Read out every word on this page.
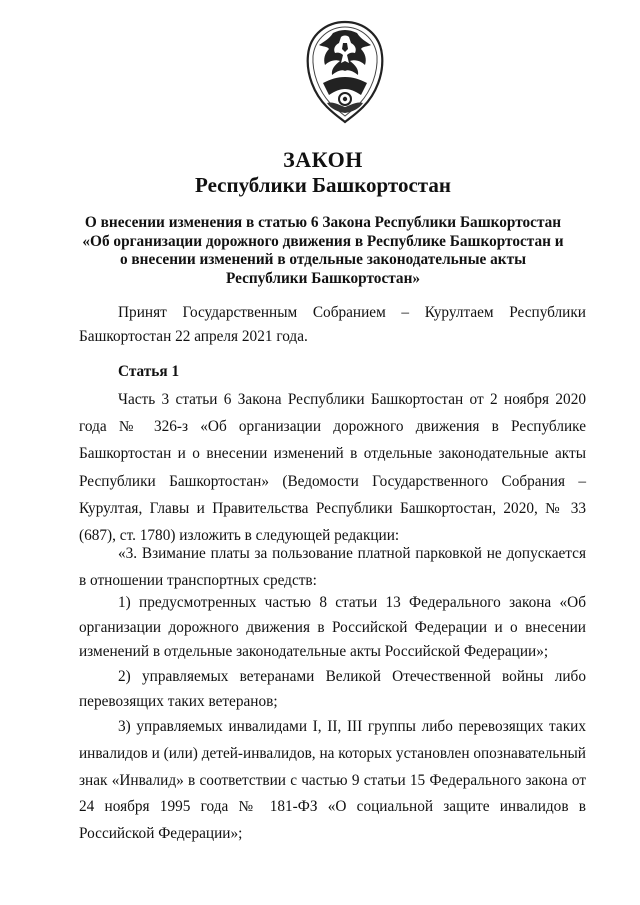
ЗАКОН
Республики Башкортостан
О внесении изменения в статью 6 Закона Республики Башкортостан
«Об организации дорожного движения в Республике Башкортостан и
о внесении изменений в отдельные законодательные акты
Республики Башкортостан»
Принят Государственным Собранием – Курултаем Республики Башкортостан 22 апреля 2021 года.
Статья 1
Часть 3 статьи 6 Закона Республики Башкортостан от 2 ноября 2020 года № 326-з «Об организации дорожного движения в Республике Башкортостан и о внесении изменений в отдельные законодательные акты Республики Башкортостан» (Ведомости Государственного Собрания – Курултая, Главы и Правительства Республики Башкортостан, 2020, № 33 (687), ст. 1780) изложить в следующей редакции:
«3. Взимание платы за пользование платной парковкой не допускается в отношении транспортных средств:
1) предусмотренных частью 8 статьи 13 Федерального закона «Об организации дорожного движения в Российской Федерации и о внесении изменений в отдельные законодательные акты Российской Федерации»;
2) управляемых ветеранами Великой Отечественной войны либо перевозящих таких ветеранов;
3) управляемых инвалидами I, II, III группы либо перевозящих таких инвалидов и (или) детей-инвалидов, на которых установлен опознавательный знак «Инвалид» в соответствии с частью 9 статьи 15 Федерального закона от 24 ноября 1995 года № 181-ФЗ «О социальной защите инвалидов в Российской Федерации»;
